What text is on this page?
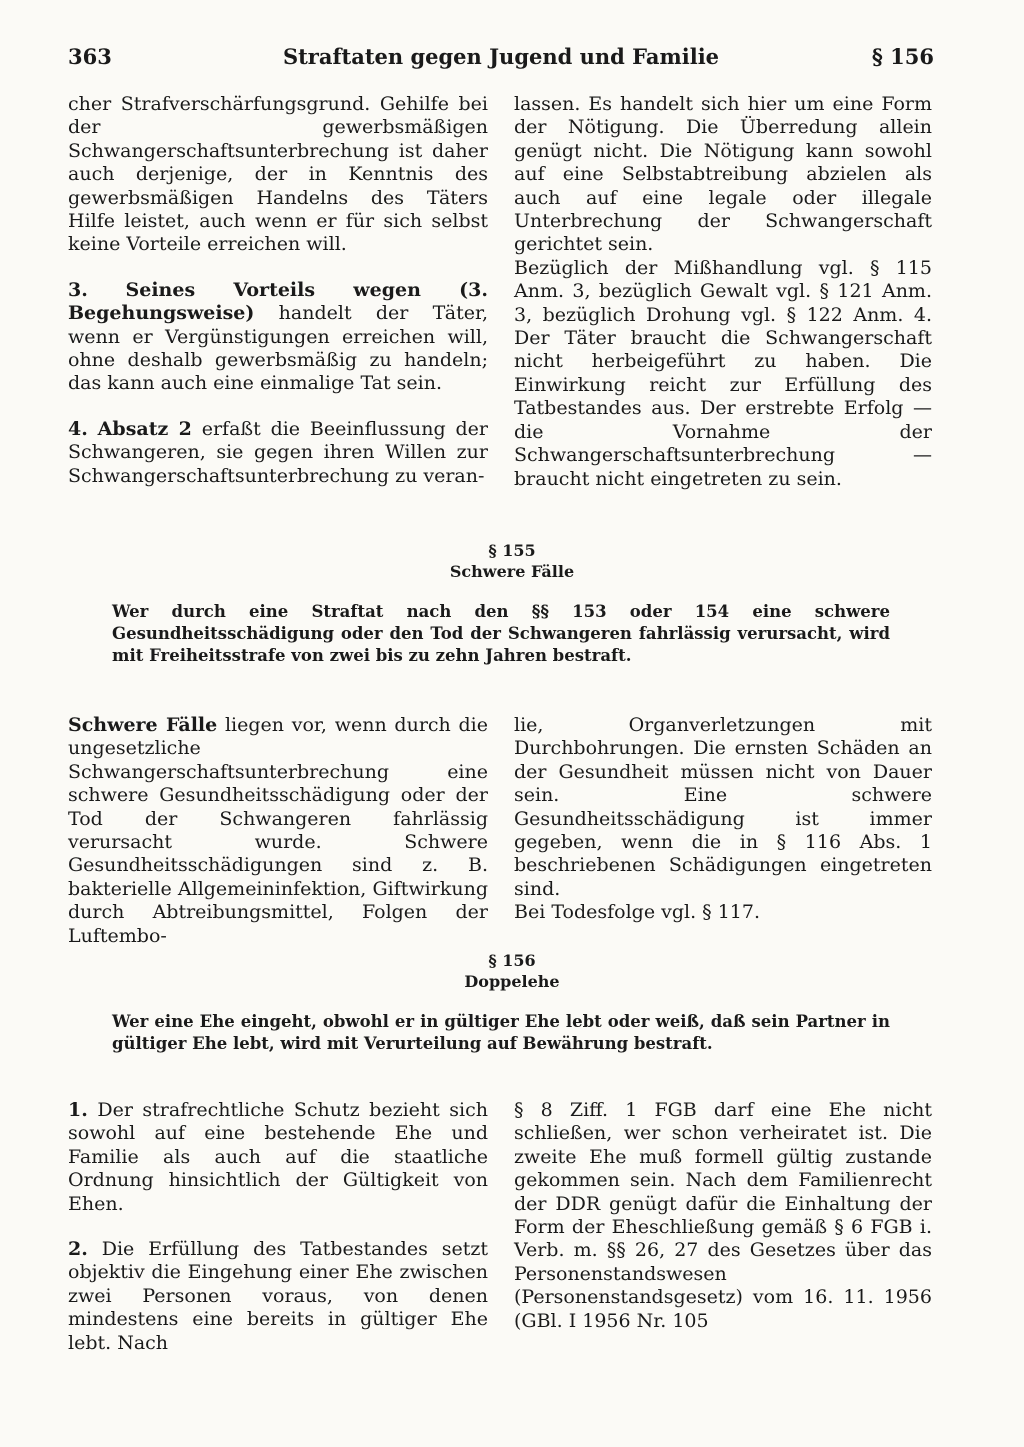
363	Straftaten gegen Jugend und Familie	§ 156

cher Strafverschärfungsgrund. Gehilfe bei der gewerbsmäßigen Schwangerschaftsunterbrechung ist daher auch derjenige, der in Kenntnis des gewerbsmäßigen Handelns des Täters Hilfe leistet, auch wenn er für sich selbst keine Vorteile erreichen will.

3. Seines Vorteils wegen (3. Begehungsweise) handelt der Täter, wenn er Vergünstigungen erreichen will, ohne deshalb gewerbsmäßig zu handeln; das kann auch eine einmalige Tat sein.

4. Absatz 2 erfaßt die Beeinflussung der Schwangeren, sie gegen ihren Willen zur Schwangerschaftsunterbrechung zu veran-

lassen. Es handelt sich hier um eine Form der Nötigung. Die Überredung allein genügt nicht. Die Nötigung kann sowohl auf eine Selbstabtreibung abzielen als auch auf eine legale oder illegale Unterbrechung der Schwangerschaft gerichtet sein.

Bezüglich der Mißhandlung vgl. § 115 Anm. 3, bezüglich Gewalt vgl. § 121 Anm. 3, bezüglich Drohung vgl. § 122 Anm. 4. Der Täter braucht die Schwangerschaft nicht herbeigeführt zu haben. Die Einwirkung reicht zur Erfüllung des Tatbestandes aus. Der erstrebte Erfolg — die Vornahme der Schwangerschaftsunterbrechung — braucht nicht eingetreten zu sein.

§ 155
Schwere Fälle

Wer durch eine Straftat nach den §§ 153 oder 154 eine schwere Gesundheitsschädigung oder den Tod der Schwangeren fahrlässig verursacht, wird mit Freiheitsstrafe von zwei bis zu zehn Jahren bestraft.

Schwere Fälle liegen vor, wenn durch die ungesetzliche Schwangerschaftsunterbrechung eine schwere Gesundheitsschädigung oder der Tod der Schwangeren fahrlässig verursacht wurde. Schwere Gesundheitsschädigungen sind z. B. bakterielle Allgemeininfektion, Giftwirkung durch Abtreibungsmittel, Folgen der Luftembo-

lie, Organverletzungen mit Durchbohrungen. Die ernsten Schäden an der Gesundheit müssen nicht von Dauer sein. Eine schwere Gesundheitsschädigung ist immer gegeben, wenn die in § 116 Abs. 1 beschriebenen Schädigungen eingetreten sind.

Bei Todesfolge vgl. § 117.

§ 156
Doppelehe

Wer eine Ehe eingeht, obwohl er in gültiger Ehe lebt oder weiß, daß sein Partner in gültiger Ehe lebt, wird mit Verurteilung auf Bewährung bestraft.

1. Der strafrechtliche Schutz bezieht sich sowohl auf eine bestehende Ehe und Familie als auch auf die staatliche Ordnung hinsichtlich der Gültigkeit von Ehen.

2. Die Erfüllung des Tatbestandes setzt objektiv die Eingehung einer Ehe zwischen zwei Personen voraus, von denen mindestens eine bereits in gültiger Ehe lebt. Nach

§ 8 Ziff. 1 FGB darf eine Ehe nicht schließen, wer schon verheiratet ist. Die zweite Ehe muß formell gültig zustande gekommen sein. Nach dem Familienrecht der DDR genügt dafür die Einhaltung der Form der Eheschließung gemäß § 6 FGB i. Verb. m. §§ 26, 27 des Gesetzes über das Personenstandswesen (Personenstandsgesetz) vom 16. 11. 1956 (GBl. I 1956 Nr. 105
